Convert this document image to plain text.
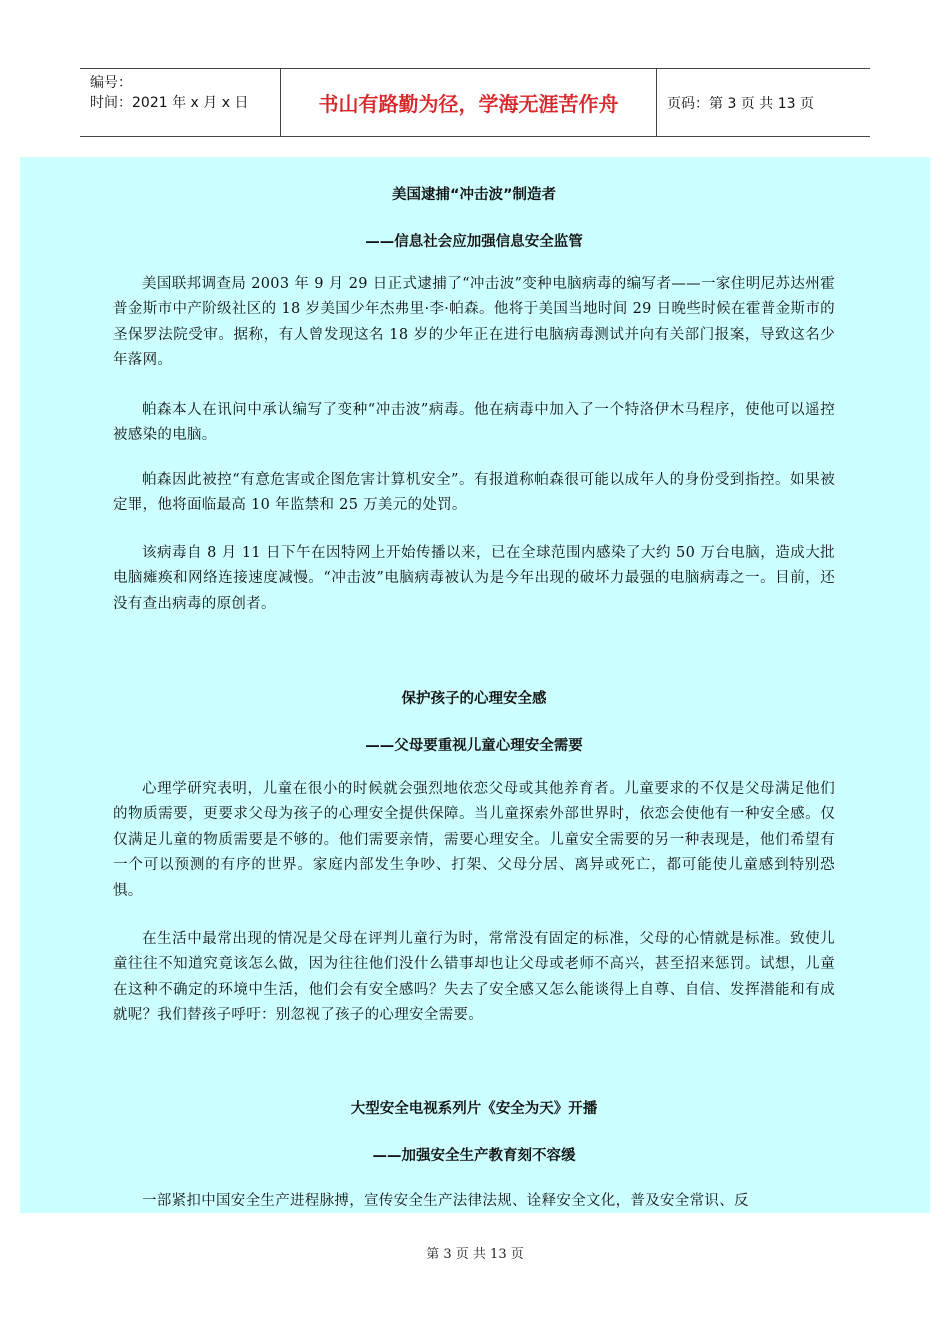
编号：
时间：2021 年 x 月 x 日	书山有路勤为径，学海无涯苦作舟	页码：第 3 页 共 13 页
美国逮捕“冲击波”制造者
——信息社会应加强信息安全监管

美国联邦调查局 2003 年 9 月 29 日正式逮捕了“冲击波”变种电脑病毒的编写者——一家住明尼苏达州霍普金斯市中产阶级社区的 18 岁美国少年杰弗里·李·帕森。他将于美国当地时间 29 日晚些时候在霍普金斯市的圣保罗法院受审。据称，有人曾发现这名 18 岁的少年正在进行电脑病毒测试并向有关部门报案，导致这名少年落网。

帕森本人在讯问中承认编写了变种“冲击波”病毒。他在病毒中加入了一个特洛伊木马程序，使他可以遥控被感染的电脑。

帕森因此被控“有意危害或企图危害计算机安全”。有报道称帕森很可能以成年人的身份受到指控。如果被定罪，他将面临最高 10 年监禁和 25 万美元的处罚。

该病毒自 8 月 11 日下午在因特网上开始传播以来，已在全球范围内感染了大约 50 万台电脑，造成大批电脑瘫痪和网络连接速度减慢。“冲击波”电脑病毒被认为是今年出现的破坏力最强的电脑病毒之一。目前，还没有查出病毒的原创者。

保护孩子的心理安全感
——父母要重视儿童心理安全需要

心理学研究表明，儿童在很小的时候就会强烈地依恋父母或其他养育者。儿童要求的不仅是父母满足他们的物质需要，更要求父母为孩子的心理安全提供保障。当儿童探索外部世界时，依恋会使他有一种安全感。仅仅满足儿童的物质需要是不够的。他们需要亲情，需要心理安全。儿童安全需要的另一种表现是，他们希望有一个可以预测的有序的世界。家庭内部发生争吵、打架、父母分居、离异或死亡，都可能使儿童感到特别恐惧。

在生活中最常出现的情况是父母在评判儿童行为时，常常没有固定的标准，父母的心情就是标准。致使儿童往往不知道究竟该怎么做，因为往往他们没什么错事却也让父母或老师不高兴，甚至招来惩罚。试想，儿童在这种不确定的环境中生活，他们会有安全感吗？失去了安全感又怎么能谈得上自尊、自信、发挥潜能和有成就呢？我们替孩子呼吁：别忽视了孩子的心理安全需要。

大型安全电视系列片《安全为天》开播
——加强安全生产教育刻不容缓

一部紧扣中国安全生产进程脉搏，宣传安全生产法律法规、诠释安全文化，普及安全常识、反

第 3 页 共 13 页
